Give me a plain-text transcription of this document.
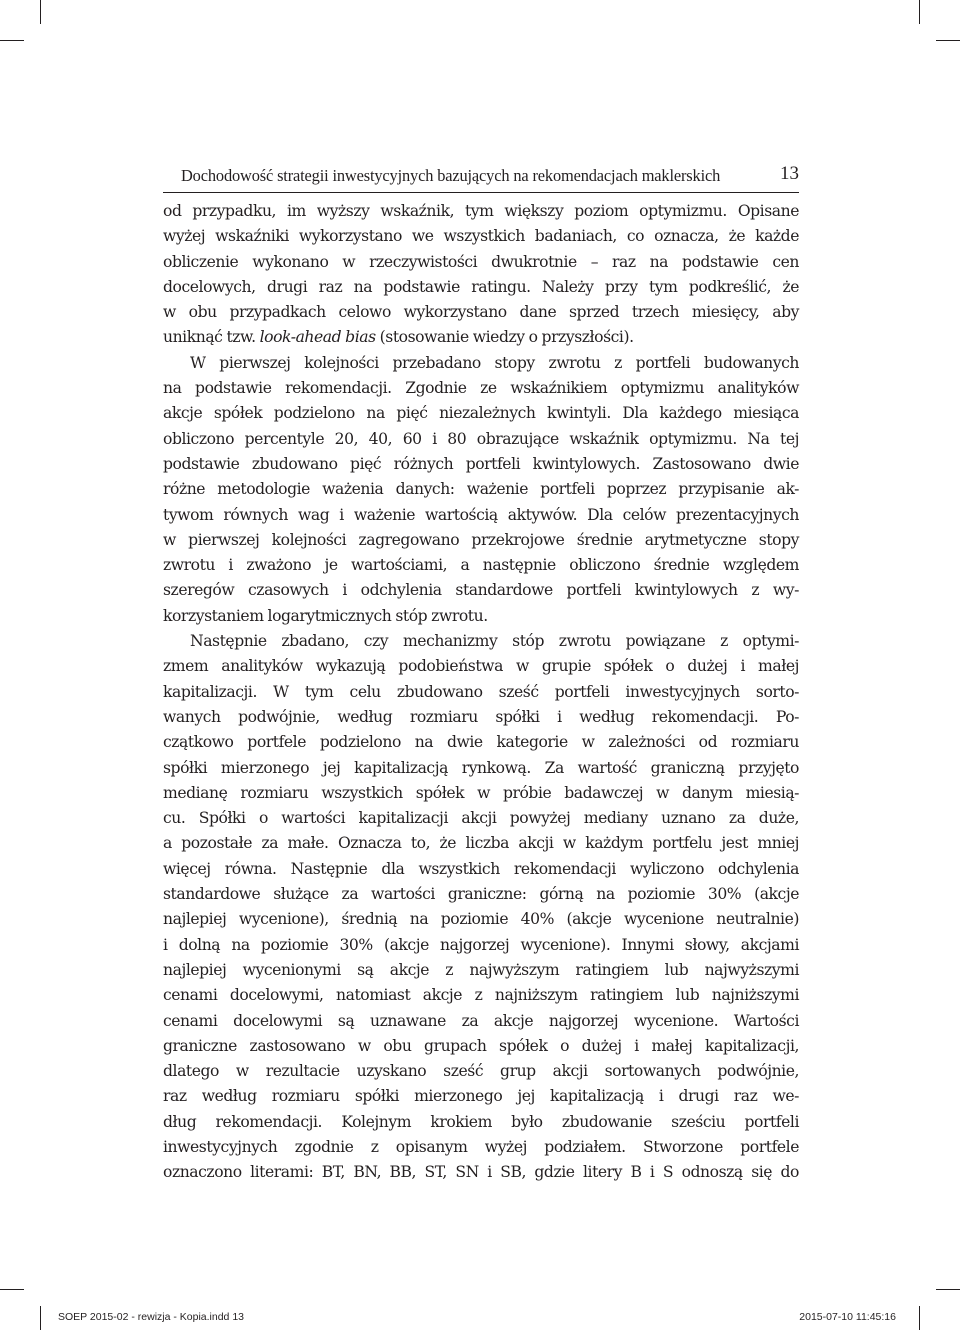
Dochodowość strategii inwestycyjnych bazujących na rekomendacjach maklerskich	13
od przypadku, im wyższy wskaźnik, tym większy poziom optymizmu. Opisane
wyżej wskaźniki wykorzystano we wszystkich badaniach, co oznacza, że każde
obliczenie wykonano w rzeczywistości dwukrotnie – raz na podstawie cen
docelowych, drugi raz na podstawie ratingu. Należy przy tym podkreślić, że
w obu przypadkach celowo wykorzystano dane sprzed trzech miesięcy, aby
uniknąć tzw. look-ahead bias (stosowanie wiedzy o przyszłości).
W pierwszej kolejności przebadano stopy zwrotu z portfeli budowanych
na podstawie rekomendacji. Zgodnie ze wskaźnikiem optymizmu analityków
akcje spółek podzielono na pięć niezależnych kwintyli. Dla każdego miesiąca
obliczono percentyle 20, 40, 60 i 80 obrazujące wskaźnik optymizmu. Na tej
podstawie zbudowano pięć różnych portfeli kwintylowych. Zastosowano dwie
różne metodologie ważenia danych: ważenie portfeli poprzez przypisanie ak-
tywom równych wag i ważenie wartością aktywów. Dla celów prezentacyjnych
w pierwszej kolejności zagregowano przekrojowe średnie arytmetyczne stopy
zwrotu i zważono je wartościami, a następnie obliczono średnie względem
szeregów czasowych i odchylenia standardowe portfeli kwintylowych z wy-
korzystaniem logarytmicznych stóp zwrotu.
Następnie zbadano, czy mechanizmy stóp zwrotu powiązane z optymi-
zmem analityków wykazują podobieństwa w grupie spółek o dużej i małej
kapitalizacji. W tym celu zbudowano sześć portfeli inwestycyjnych sorto-
wanych podwójnie, według rozmiaru spółki i według rekomendacji. Po-
czątkowo portfele podzielono na dwie kategorie w zależności od rozmiaru
spółki mierzonego jej kapitalizacją rynkową. Za wartość graniczną przyjęto
medianę rozmiaru wszystkich spółek w próbie badawczej w danym miesią-
cu. Spółki o wartości kapitalizacji akcji powyżej mediany uznano za duże,
a pozostałe za małe. Oznacza to, że liczba akcji w każdym portfelu jest mniej
więcej równa. Następnie dla wszystkich rekomendacji wyliczono odchylenia
standardowe służące za wartości graniczne: górną na poziomie 30% (akcje
najlepiej wycenione), średnią na poziomie 40% (akcje wycenione neutralnie)
i dolną na poziomie 30% (akcje najgorzej wycenione). Innymi słowy, akcjami
najlepiej wycenionymi są akcje z najwyższym ratingiem lub najwyższymi
cenami docelowymi, natomiast akcje z najniższym ratingiem lub najniższymi
cenami docelowymi są uznawane za akcje najgorzej wycenione. Wartości
graniczne zastosowano w obu grupach spółek o dużej i małej kapitalizacji,
dlatego w rezultacie uzyskano sześć grup akcji sortowanych podwójnie,
raz według rozmiaru spółki mierzonego jej kapitalizacją i drugi raz we-
dług rekomendacji. Kolejnym krokiem było zbudowanie sześciu portfeli
inwestycyjnych zgodnie z opisanym wyżej podziałem. Stworzone portfele
oznaczono literami: BT, BN, BB, ST, SN i SB, gdzie litery B i S odnoszą się do
SOEP 2015-02 - rewizja - Kopia.indd 13	2015-07-10 11:45:16
